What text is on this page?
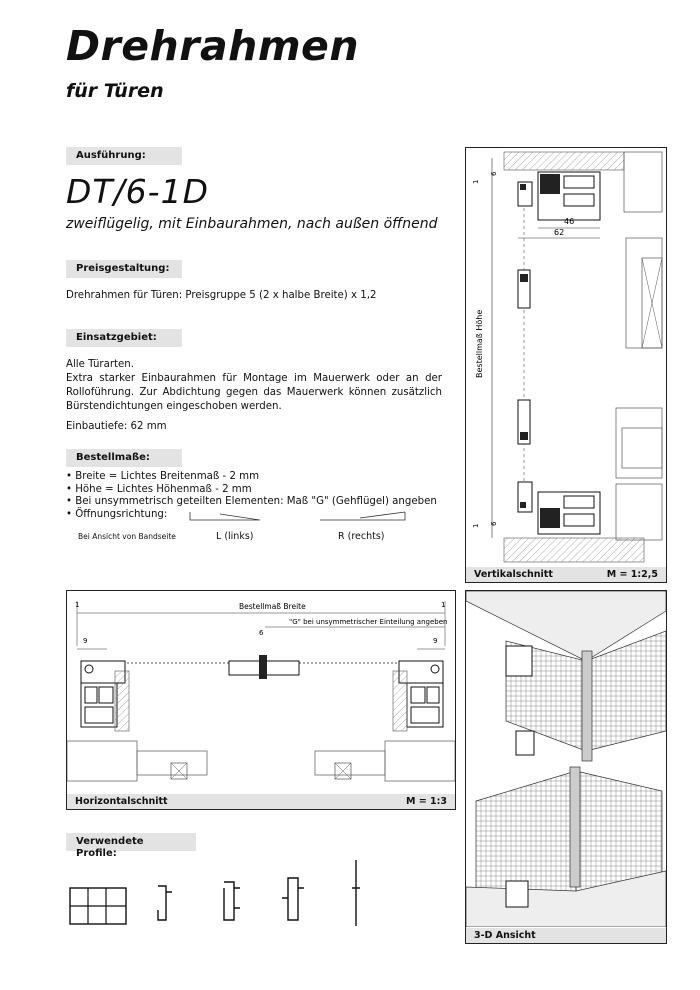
Drehrahmen
für Türen
Ausführung:
DT/6-1D
zweiflügelig, mit Einbaurahmen, nach außen öffnend
Preisgestaltung:
Drehrahmen für Türen: Preisgruppe 5 (2 x halbe Breite) x 1,2
Einsatzgebiet:
Alle Türarten.
Extra starker Einbaurahmen für Montage im Mauerwerk oder an der Rolloführung. Zur Abdichtung gegen das Mauerwerk können zusätzlich Bürstendichtungen eingeschoben werden.
Einbautiefe: 62 mm
Bestellmaße:
• Breite = Lichtes Breitenmaß - 2 mm
• Höhe = Lichtes Höhenmaß - 2 mm
• Bei unsymmetrisch geteilten Elementen: Maß "G" (Gehflügel) angeben
• Öffnungsrichtung:
Bei Ansicht von Bandseite	L (links)	R (rechts)
46
62
1
6
Bestellmaß Höhe
1 6
Vertikalschnitt	M = 1:2,5
Bestellmaß Breite
1	1
"G" bei unsymmetrischer Einteilung angeben
6
9	9
Horizontalschnitt	M = 1:3
3-D Ansicht
Verwendete Profile:
